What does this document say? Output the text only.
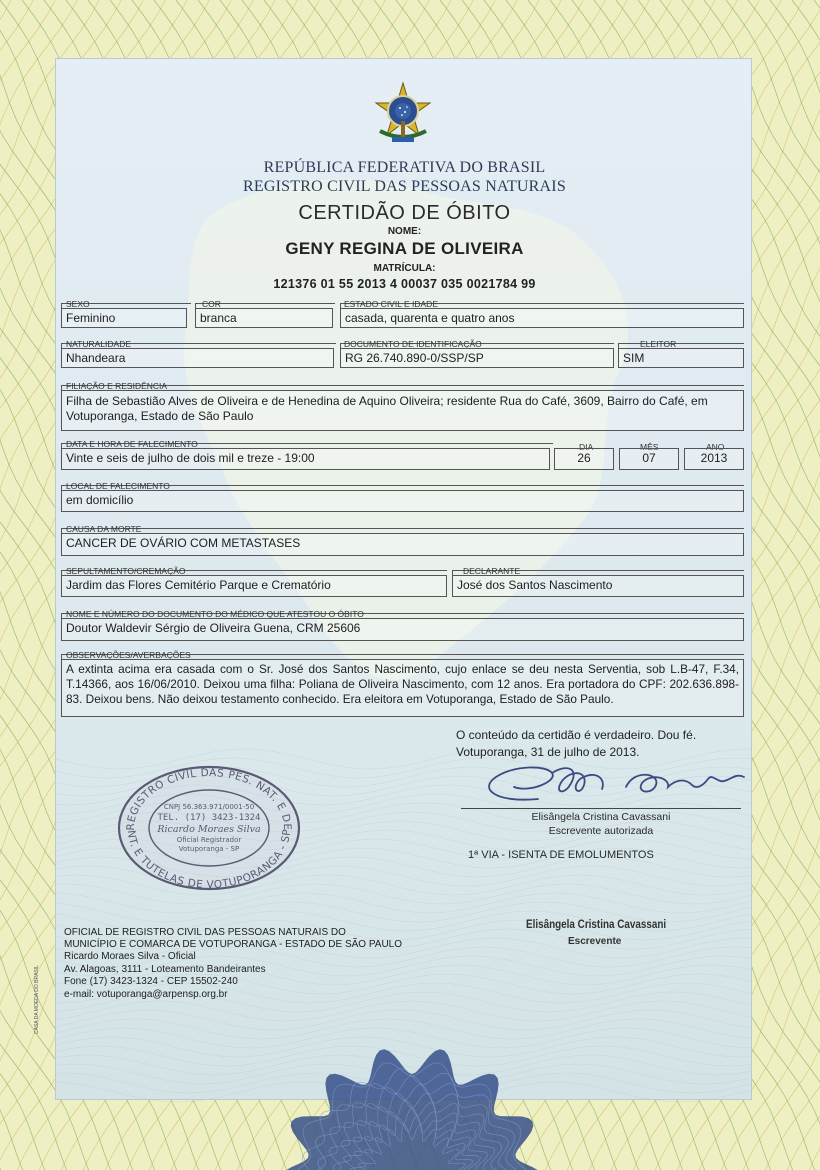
REPÚBLICA FEDERATIVA DO BRASIL
REGISTRO CIVIL DAS PESSOAS NATURAIS
CERTIDÃO DE ÓBITO
NOME:
GENY REGINA DE OLIVEIRA
MATRÍCULA:
121376 01 55 2013 4 00037 035 0021784 99
SEXO
Feminino
COR
branca
ESTADO CIVIL E IDADE
casada, quarenta e quatro anos
NATURALIDADE
Nhandeara
DOCUMENTO DE IDENTIFICAÇÃO
RG 26.740.890-0/SSP/SP
ELEITOR
SIM
FILIAÇÃO E RESIDÊNCIA
Filha de Sebastião Alves de Oliveira e de Henedina de Aquino Oliveira; residente Rua do Café, 3609, Bairro do Café, em Votuporanga, Estado de São Paulo
DATA E HORA DE FALECIMENTO
Vinte e seis de julho de dois mil e treze - 19:00
DIA
26
MÊS
07
ANO
2013
LOCAL DE FALECIMENTO
em domicílio
CAUSA DA MORTE
CANCER DE OVÁRIO COM METASTASES
SEPULTAMENTO/CREMAÇÃO
Jardim das Flores Cemitério Parque e Crematório
DECLARANTE
José dos Santos Nascimento
NOME E NÚMERO DO DOCUMENTO DO MÉDICO QUE ATESTOU O ÓBITO
Doutor Waldevir Sérgio de Oliveira Guena, CRM 25606
OBSERVAÇÕES/AVERBAÇÕES
A extinta acima era casada com o Sr. José dos Santos Nascimento, cujo enlace se deu nesta Serventia, sob L.B-47, F.34, T.14366, aos 16/06/2010. Deixou uma filha: Poliana de Oliveira Nascimento, com 12 anos. Era portadora do CPF: 202.636.898-83. Deixou bens. Não deixou testamento conhecido. Era eleitora em Votuporanga, Estado de São Paulo.
O conteúdo da certidão é verdadeiro. Dou fé.
Votuporanga, 31 de julho de 2013.
Elisângela Cristina Cavassani
Escrevente autorizada
1ª VIA - ISENTA DE EMOLUMENTOS
REGISTRO CIVIL DAS PES. NAT. E DE
NT. E TUTELAS DE VOTUPORANGA - SP
CNPJ 56.363.971/0001-50
TEL. (17) 3423-1324
Ricardo Moraes Silva
Oficial Registrador
Votuporanga - SP
Elisângela Cristina Cavassani
Escrevente
OFICIAL DE REGISTRO CIVIL DAS PESSOAS NATURAIS DO
MUNICÍPIO E COMARCA DE VOTUPORANGA - ESTADO DE SÃO PAULO
Ricardo Moraes Silva - Oficial
Av. Alagoas, 3111 - Loteamento Bandeirantes
Fone (17) 3423-1324 - CEP 15502-240
e-mail: votuporanga@arpensp.org.br
CASA DA MOEDA DO BRASIL
